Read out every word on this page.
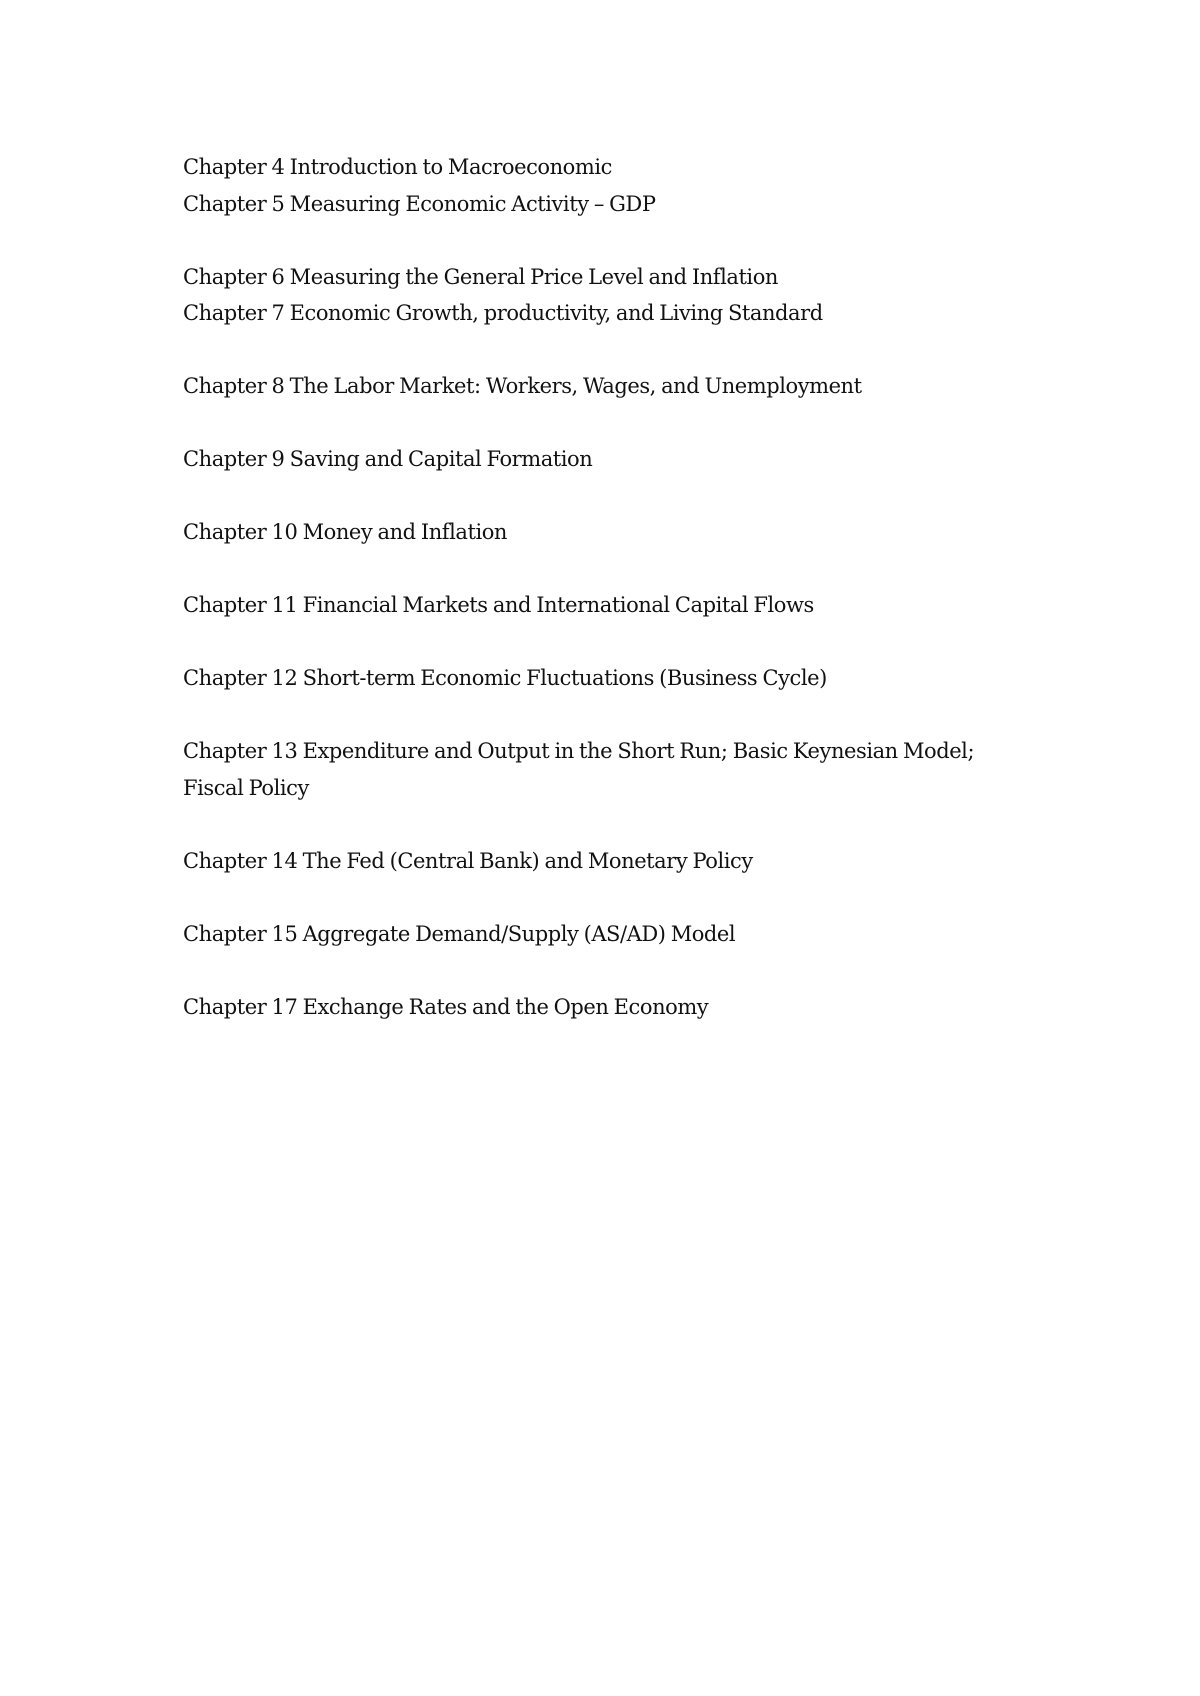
Chapter 4 Introduction to Macroeconomic
Chapter 5 Measuring Economic Activity – GDP
Chapter 6 Measuring the General Price Level and Inflation
Chapter 7 Economic Growth, productivity, and Living Standard
Chapter 8 The Labor Market: Workers, Wages, and Unemployment
Chapter 9 Saving and Capital Formation
Chapter 10 Money and Inflation
Chapter 11 Financial Markets and International Capital Flows
Chapter 12 Short-term Economic Fluctuations (Business Cycle)
Chapter 13 Expenditure and Output in the Short Run; Basic Keynesian Model;
Fiscal Policy
Chapter 14 The Fed (Central Bank) and Monetary Policy
Chapter 15 Aggregate Demand/Supply (AS/AD) Model
Chapter 17 Exchange Rates and the Open Economy
